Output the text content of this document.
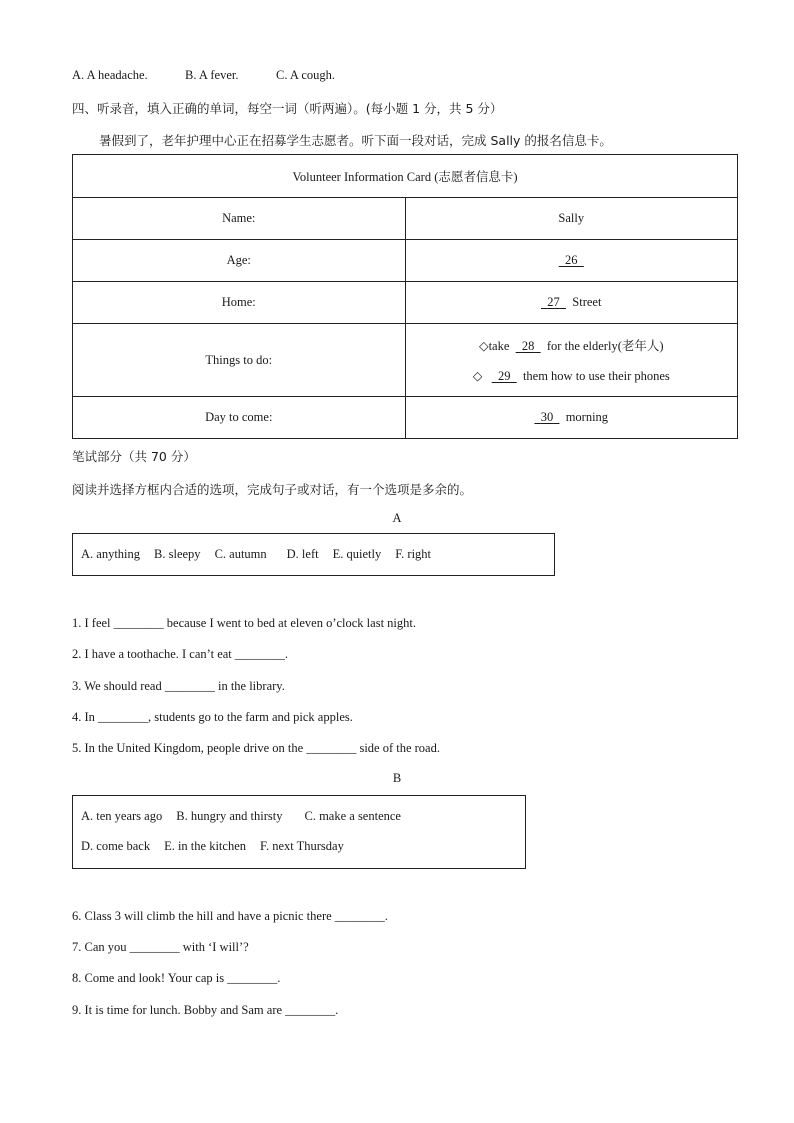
A. A headache.	B. A fever.	C. A cough.
四、听录音，填入正确的单词，每空一词（听两遍）。(每小题 1 分，共 5 分）
暑假到了，老年护理中心正在招募学生志愿者。听下面一段对话，完成 Sally 的报名信息卡。
Volunteer Information Card (志愿者信息卡)	
Name:	Sally
Age:	26
Home:	27 Street
Things to do:	◇take 28 for the elderly(老年人)
◇ 29 them how to use their phones

Day to come:	30 morning
笔试部分（共 70 分）
阅读并选择方框内合适的选项，完成句子或对话，有一个选项是多余的。
A
A. anything B. sleepy C. autumn D. left E. quietly F. right
1. I feel ________ because I went to bed at eleven o’clock last night.
2. I have a toothache. I can’t eat ________.
3. We should read ________ in the library.
4. In ________, students go to the farm and pick apples.
5. In the United Kingdom, people drive on the ________ side of the road.
B
A. ten years ago B. hungry and thirsty C. make a sentence
D. come back E. in the kitchen F. next Thursday
6. Class 3 will climb the hill and have a picnic there ________.
7. Can you ________ with ‘I will’?
8. Come and look! Your cap is ________.
9. It is time for lunch. Bobby and Sam are ________.
